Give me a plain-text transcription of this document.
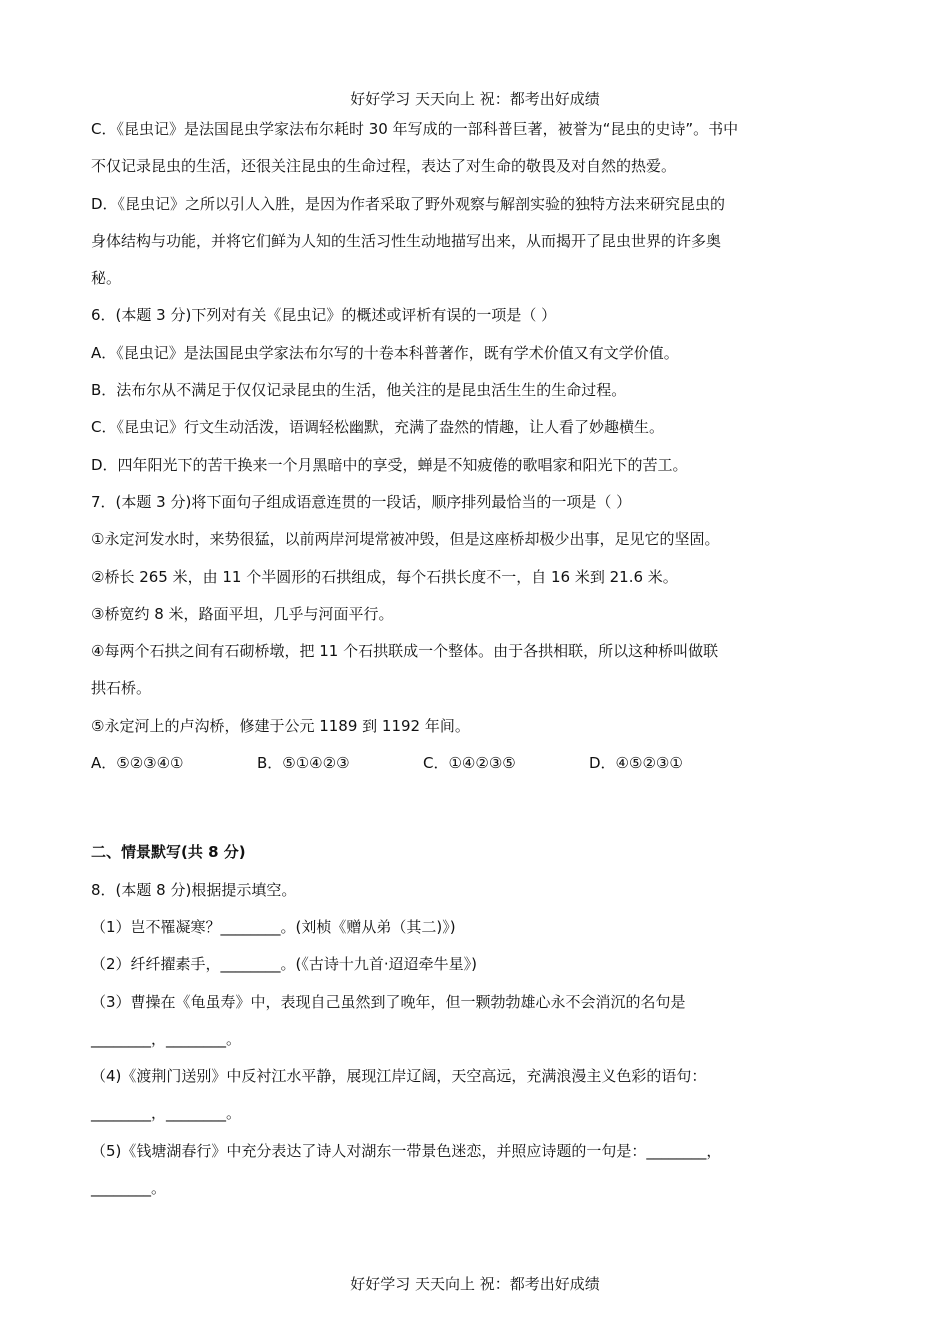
好好学习 天天向上 祝：都考出好成绩
C．《昆虫记》是法国昆虫学家法布尔耗时 30 年写成的一部科普巨著，被誉为“昆虫的史诗”。书中
不仅记录昆虫的生活，还很关注昆虫的生命过程，表达了对生命的敬畏及对自然的热爱。
D．《昆虫记》之所以引人入胜，是因为作者采取了野外观察与解剖实验的独特方法来研究昆虫的
身体结构与功能，并将它们鲜为人知的生活习性生动地描写出来，从而揭开了昆虫世界的许多奥
秘。
6．(本题 3 分)下列对有关《昆虫记》的概述或评析有误的一项是（ ）
A．《昆虫记》是法国昆虫学家法布尔写的十卷本科普著作，既有学术价值又有文学价值。
B．法布尔从不满足于仅仅记录昆虫的生活，他关注的是昆虫活生生的生命过程。
C．《昆虫记》行文生动活泼，语调轻松幽默，充满了盎然的情趣，让人看了妙趣横生。
D．四年阳光下的苦干换来一个月黑暗中的享受，蝉是不知疲倦的歌唱家和阳光下的苦工。
7．(本题 3 分)将下面句子组成语意连贯的一段话，顺序排列最恰当的一项是（ ）
①永定河发水时，来势很猛，以前两岸河堤常被冲毁，但是这座桥却极少出事，足见它的坚固。
②桥长 265 米，由 11 个半圆形的石拱组成，每个石拱长度不一，自 16 米到 21.6 米。
③桥宽约 8 米，路面平坦，几乎与河面平行。
④每两个石拱之间有石砌桥墩，把 11 个石拱联成一个整体。由于各拱相联，所以这种桥叫做联
拱石桥。
⑤永定河上的卢沟桥，修建于公元 1189 到 1192 年间。
A．⑤②③④①	B．⑤①④②③	C．①④②③⑤	D．④⑤②③①
二、情景默写(共 8 分)
8．(本题 8 分)根据提示填空。
（1）岂不罹凝寒？________。(刘桢《赠从弟（其二)》)
（2）纤纤擢素手，________。(《古诗十九首·迢迢牵牛星》)
（3）曹操在《龟虽寿》中，表现自己虽然到了晚年，但一颗勃勃雄心永不会消沉的名句是
________，________。
（4)《渡荆门送别》中反衬江水平静，展现江岸辽阔，天空高远，充满浪漫主义色彩的语句：
________，________。
（5)《钱塘湖春行》中充分表达了诗人对湖东一带景色迷恋，并照应诗题的一句是：________，
________。
好好学习 天天向上 祝：都考出好成绩
